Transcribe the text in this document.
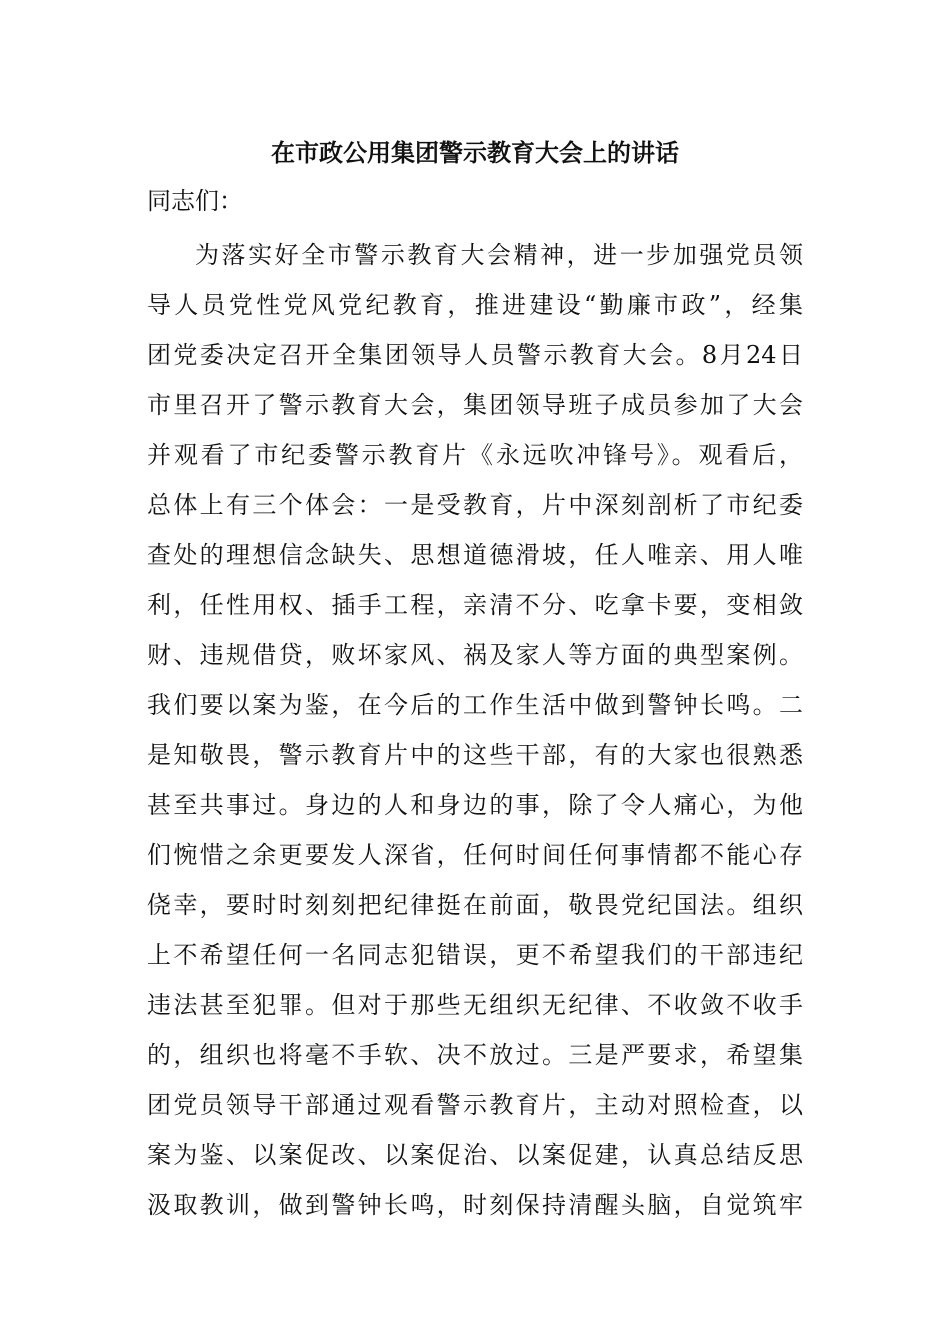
在市政公用集团警示教育大会上的讲话

同志们：

为落实好全市警示教育大会精神，进一步加强党员领
导人员党性党风党纪教育，推进建设“勤廉市政”，经集
团党委决定召开全集团领导人员警示教育大会。8月24日
市里召开了警示教育大会，集团领导班子成员参加了大会
并观看了市纪委警示教育片《永远吹冲锋号》。观看后，
总体上有三个体会：一是受教育，片中深刻剖析了市纪委
查处的理想信念缺失、思想道德滑坡，任人唯亲、用人唯
利，任性用权、插手工程，亲清不分、吃拿卡要，变相敛
财、违规借贷，败坏家风、祸及家人等方面的典型案例。
我们要以案为鉴，在今后的工作生活中做到警钟长鸣。二
是知敬畏，警示教育片中的这些干部，有的大家也很熟悉
甚至共事过。身边的人和身边的事，除了令人痛心，为他
们惋惜之余更要发人深省，任何时间任何事情都不能心存
侥幸，要时时刻刻把纪律挺在前面，敬畏党纪国法。组织
上不希望任何一名同志犯错误，更不希望我们的干部违纪
违法甚至犯罪。但对于那些无组织无纪律、不收敛不收手
的，组织也将毫不手软、决不放过。三是严要求，希望集
团党员领导干部通过观看警示教育片，主动对照检查，以
案为鉴、以案促改、以案促治、以案促建，认真总结反思
汲取教训，做到警钟长鸣，时刻保持清醒头脑，自觉筑牢
